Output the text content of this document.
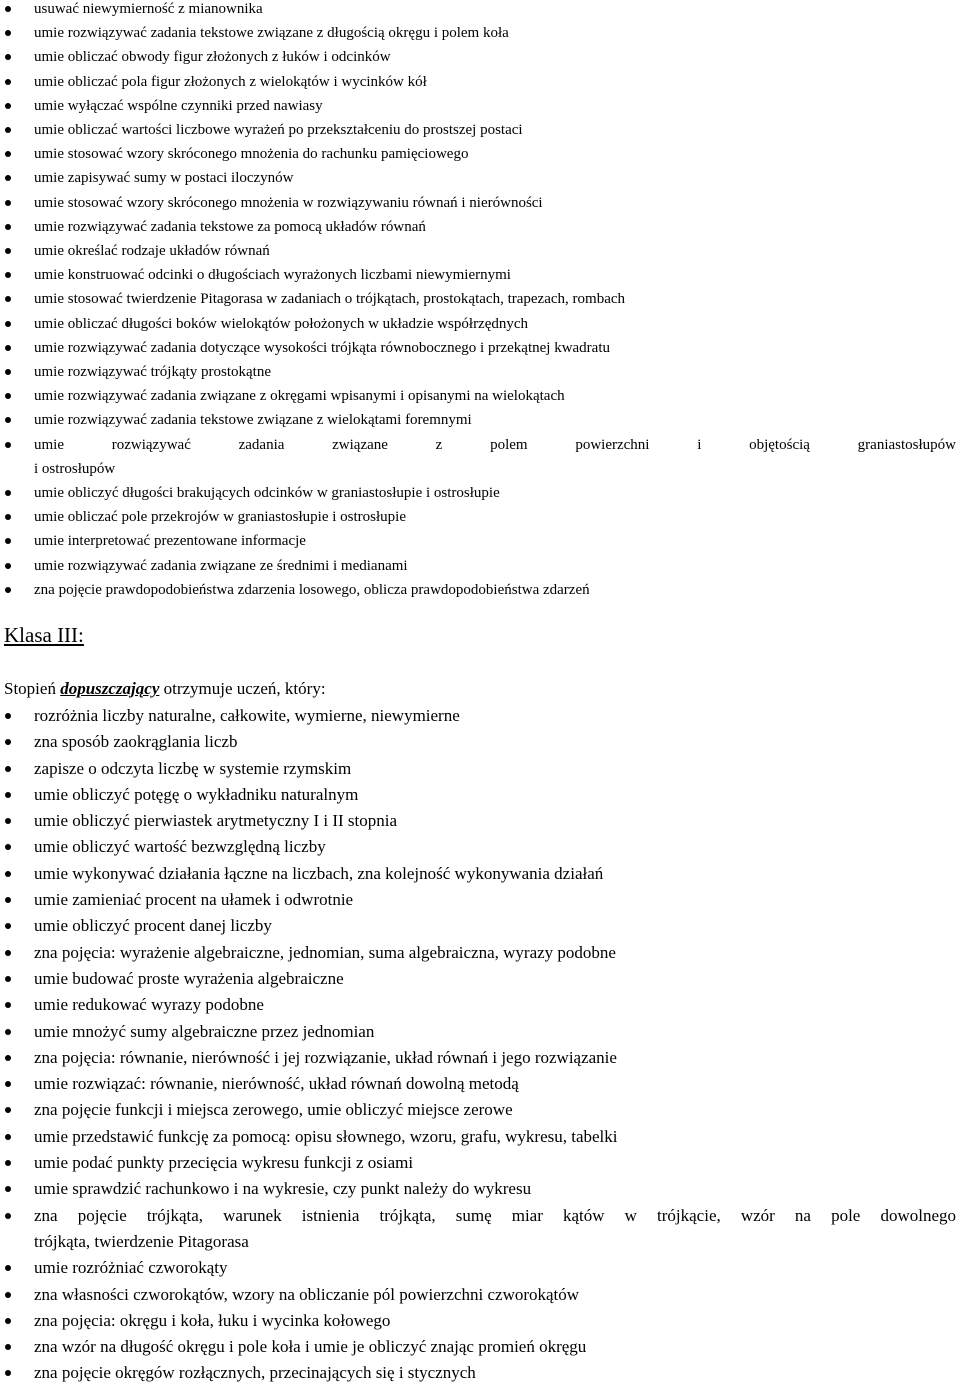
usuwać niewymierność z mianownika
umie rozwiązywać zadania tekstowe związane z długością okręgu i polem koła
umie obliczać obwody figur złożonych z łuków i odcinków
umie obliczać pola figur złożonych z wielokątów i wycinków kół
umie wyłączać wspólne czynniki przed nawiasy
umie obliczać wartości liczbowe wyrażeń po przekształceniu do prostszej postaci
umie stosować wzory skróconego mnożenia do rachunku pamięciowego
umie zapisywać sumy w postaci iloczynów
umie stosować wzory skróconego mnożenia w rozwiązywaniu równań i nierówności
umie rozwiązywać zadania tekstowe za pomocą układów równań
umie określać rodzaje układów równań
umie konstruować odcinki o długościach wyrażonych liczbami niewymiernymi
umie stosować twierdzenie Pitagorasa w zadaniach o trójkątach, prostokątach, trapezach, rombach
umie obliczać długości boków wielokątów położonych w układzie współrzędnych
umie rozwiązywać zadania dotyczące wysokości trójkąta równobocznego i przekątnej kwadratu
umie rozwiązywać trójkąty prostokątne
umie rozwiązywać zadania związane z okręgami wpisanymi i opisanymi na wielokątach
umie rozwiązywać zadania tekstowe związane z wielokątami foremnymi
umie rozwiązywać zadania związane z polem powierzchni i objętością graniastosłupów
i ostrosłupów
umie obliczyć długości brakujących odcinków w graniastosłupie i ostrosłupie
umie obliczać pole przekrojów w graniastosłupie i ostrosłupie
umie interpretować prezentowane informacje
umie rozwiązywać zadania związane ze średnimi i medianami
zna pojęcie prawdopodobieństwa zdarzenia losowego, oblicza prawdopodobieństwa zdarzeń
Klasa III:
Stopień dopuszczający otrzymuje uczeń, który:
rozróżnia liczby naturalne, całkowite, wymierne, niewymierne
zna sposób zaokrąglania liczb
zapisze o odczyta liczbę w systemie rzymskim
umie obliczyć potęgę o wykładniku naturalnym
umie obliczyć pierwiastek arytmetyczny I i II stopnia
umie obliczyć wartość bezwzględną liczby
umie wykonywać działania łączne na liczbach, zna kolejność wykonywania działań
umie zamieniać procent na ułamek i odwrotnie
umie obliczyć procent danej liczby
zna pojęcia: wyrażenie algebraiczne, jednomian, suma algebraiczna, wyrazy podobne
umie budować proste wyrażenia algebraiczne
umie redukować wyrazy podobne
umie mnożyć sumy algebraiczne przez jednomian
zna pojęcia: równanie, nierówność i jej rozwiązanie, układ równań i jego rozwiązanie
umie rozwiązać: równanie, nierówność, układ równań dowolną metodą
zna pojęcie funkcji i miejsca zerowego, umie obliczyć miejsce zerowe
umie przedstawić funkcję za pomocą: opisu słownego, wzoru, grafu, wykresu, tabelki
umie podać punkty przecięcia wykresu funkcji z osiami
umie sprawdzić rachunkowo i na wykresie, czy punkt należy do wykresu
zna pojęcie trójkąta, warunek istnienia trójkąta, sumę miar kątów w trójkącie, wzór na pole dowolnego
trójkąta, twierdzenie Pitagorasa
umie rozróżniać czworokąty
zna własności czworokątów, wzory na obliczanie pól powierzchni czworokątów
zna pojęcia: okręgu i koła, łuku i wycinka kołowego
zna wzór na długość okręgu i pole koła i umie je obliczyć znając promień okręgu
zna pojęcie okręgów rozłącznych, przecinających się i stycznych
